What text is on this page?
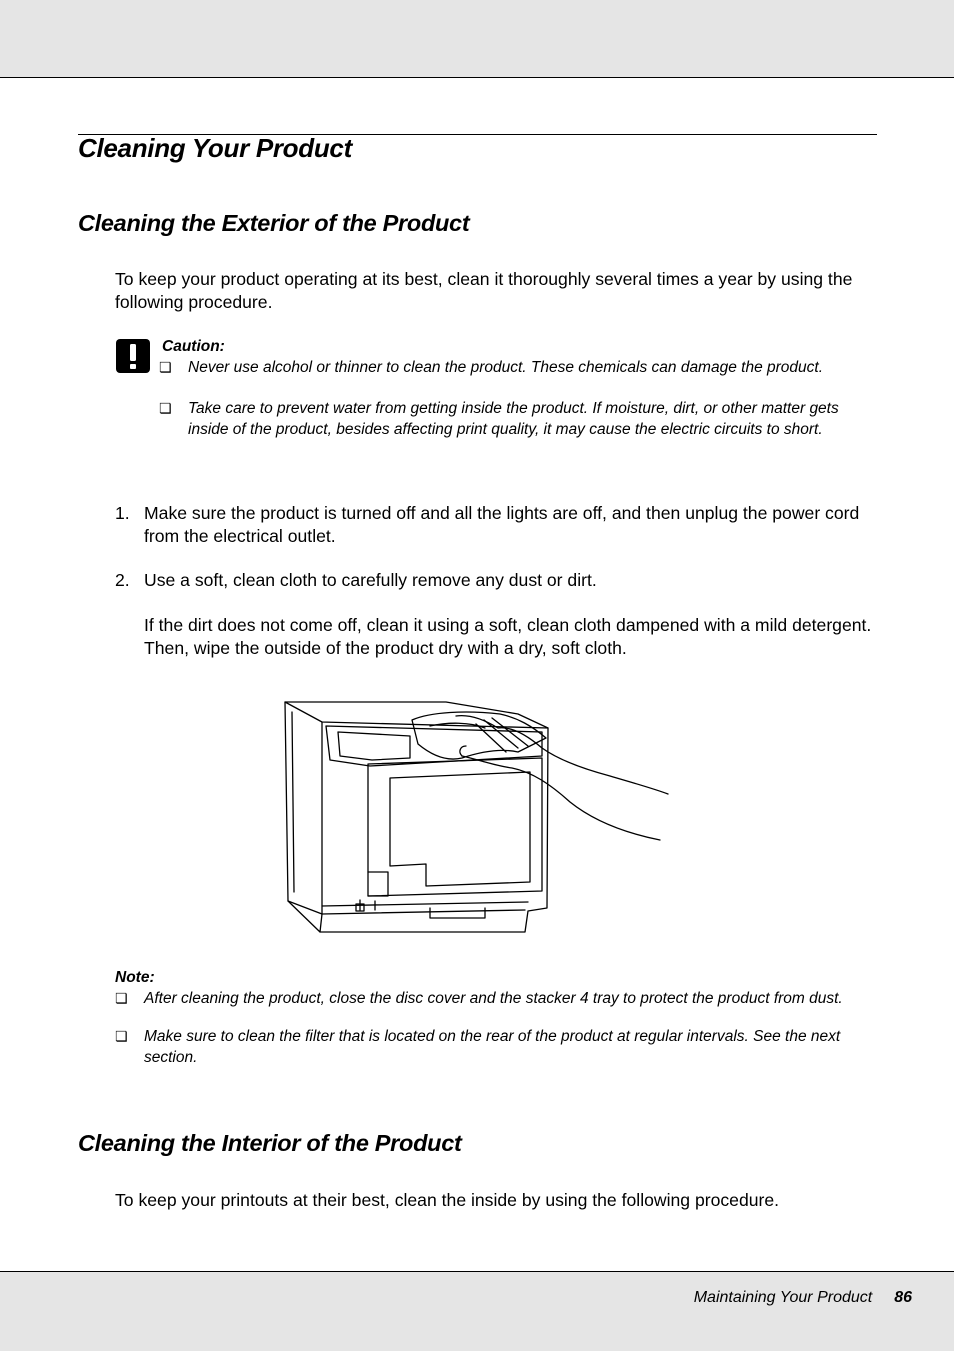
Cleaning Your Product
Cleaning the Exterior of the Product

To keep your product operating at its best, clean it thoroughly several times a year by using the following procedure.

Caution:
❏ Never use alcohol or thinner to clean the product. These chemicals can damage the product.
❏ Take care to prevent water from getting inside the product. If moisture, dirt, or other matter gets inside of the product, besides affecting print quality, it may cause the electric circuits to short.
1. Make sure the product is turned off and all the lights are off, and then unplug the power cord from the electrical outlet.

2. Use a soft, clean cloth to carefully remove any dust or dirt.

If the dirt does not come off, clean it using a soft, clean cloth dampened with a mild detergent. Then, wipe the outside of the product dry with a dry, soft cloth.

Note:
❏ After cleaning the product, close the disc cover and the stacker 4 tray to protect the product from dust.
❏ Make sure to clean the filter that is located on the rear of the product at regular intervals. See the next section.
Cleaning the Interior of the Product

To keep your printouts at their best, clean the inside by using the following procedure.

Maintaining Your Product 86
